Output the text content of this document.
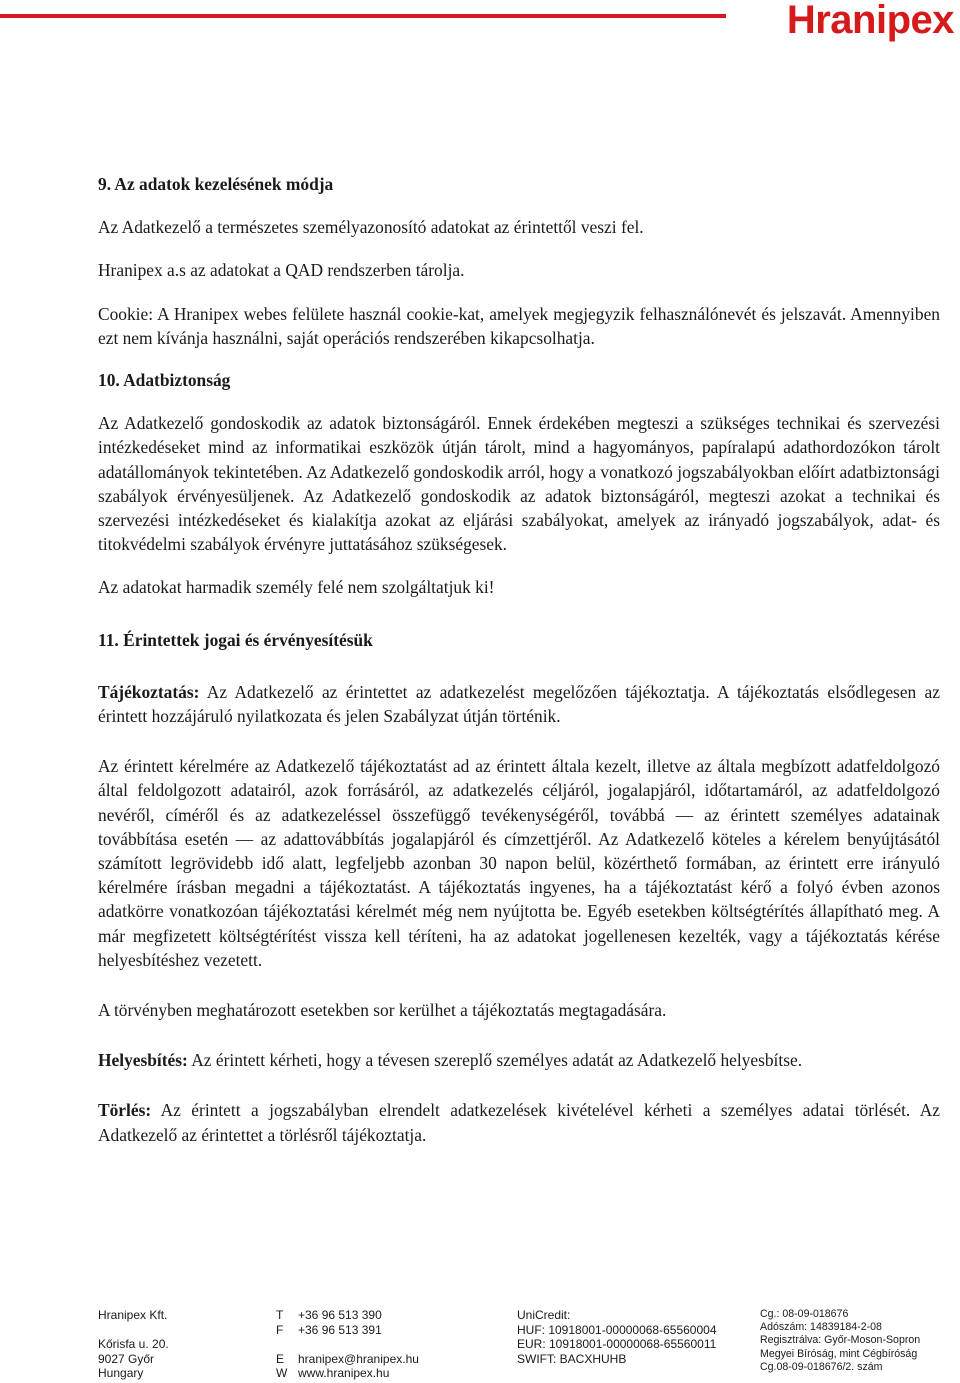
Hranipex
9. Az adatok kezelésének módja

Az Adatkezelő a természetes személyazonosító adatokat az érintettől veszi fel.

Hranipex a.s az adatokat a QAD rendszerben tárolja.

Cookie: A Hranipex webes felülete használ cookie-kat, amelyek megjegyzik felhasználónevét és jelszavát. Amennyiben ezt nem kívánja használni, saját operációs rendszerében kikapcsolhatja.

10. Adatbiztonság

Az Adatkezelő gondoskodik az adatok biztonságáról. Ennek érdekében megteszi a szükséges technikai és szervezési intézkedéseket mind az informatikai eszközök útján tárolt, mind a hagyományos, papíralapú adathordozókon tárolt adatállományok tekintetében. Az Adatkezelő gondoskodik arról, hogy a vonatkozó jogszabályokban előírt adatbiztonsági szabályok érvényesüljenek. Az Adatkezelő gondoskodik az adatok biztonságáról, megteszi azokat a technikai és szervezési intézkedéseket és kialakítja azokat az eljárási szabályokat, amelyek az irányadó jogszabályok, adat- és titokvédelmi szabályok érvényre juttatásához szükségesek.

Az adatokat harmadik személy felé nem szolgáltatjuk ki!

11. Érintettek jogai és érvényesítésük

Tájékoztatás: Az Adatkezelő az érintettet az adatkezelést megelőzően tájékoztatja. A tájékoztatás elsődlegesen az érintett hozzájáruló nyilatkozata és jelen Szabályzat útján történik.

Az érintett kérelmére az Adatkezelő tájékoztatást ad az érintett általa kezelt, illetve az általa megbízott adatfeldolgozó által feldolgozott adatairól, azok forrásáról, az adatkezelés céljáról, jogalapjáról, időtartamáról, az adatfeldolgozó nevéről, címéről és az adatkezeléssel összefüggő tevékenységéről, továbbá — az érintett személyes adatainak továbbítása esetén — az adattovábbítás jogalapjáról és címzettjéről. Az Adatkezelő köteles a kérelem benyújtásától számított legrövidebb idő alatt, legfeljebb azonban 30 napon belül, közérthető formában, az érintett erre irányuló kérelmére írásban megadni a tájékoztatást. A tájékoztatás ingyenes, ha a tájékoztatást kérő a folyó évben azonos adatkörre vonatkozóan tájékoztatási kérelmét még nem nyújtotta be. Egyéb esetekben költségtérítés állapítható meg. A már megfizetett költségtérítést vissza kell téríteni, ha az adatokat jogellenesen kezelték, vagy a tájékoztatás kérése helyesbítéshez vezetett.

A törvényben meghatározott esetekben sor kerülhet a tájékoztatás megtagadására.

Helyesbítés: Az érintett kérheti, hogy a tévesen szereplő személyes adatát az Adatkezelő helyesbítse.

Törlés: Az érintett a jogszabályban elrendelt adatkezelések kivételével kérheti a személyes adatai törlését. Az Adatkezelő az érintettet a törlésről tájékoztatja.

Hranipex Kft.
Kőrisfa u. 20.
9027 Győr
Hungary
T +36 96 513 390
F +36 96 513 391
E hranipex@hranipex.hu
W www.hranipex.hu
UniCredit:
HUF: 10918001-00000068-65560004
EUR: 10918001-00000068-65560011
SWIFT: BACXHUHB
Cg.: 08-09-018676
Adószám: 14839184-2-08
Regisztrálva: Győr-Moson-Sopron
Megyei Bíróság, mint Cégbíróság
Cg.08-09-018676/2. szám
